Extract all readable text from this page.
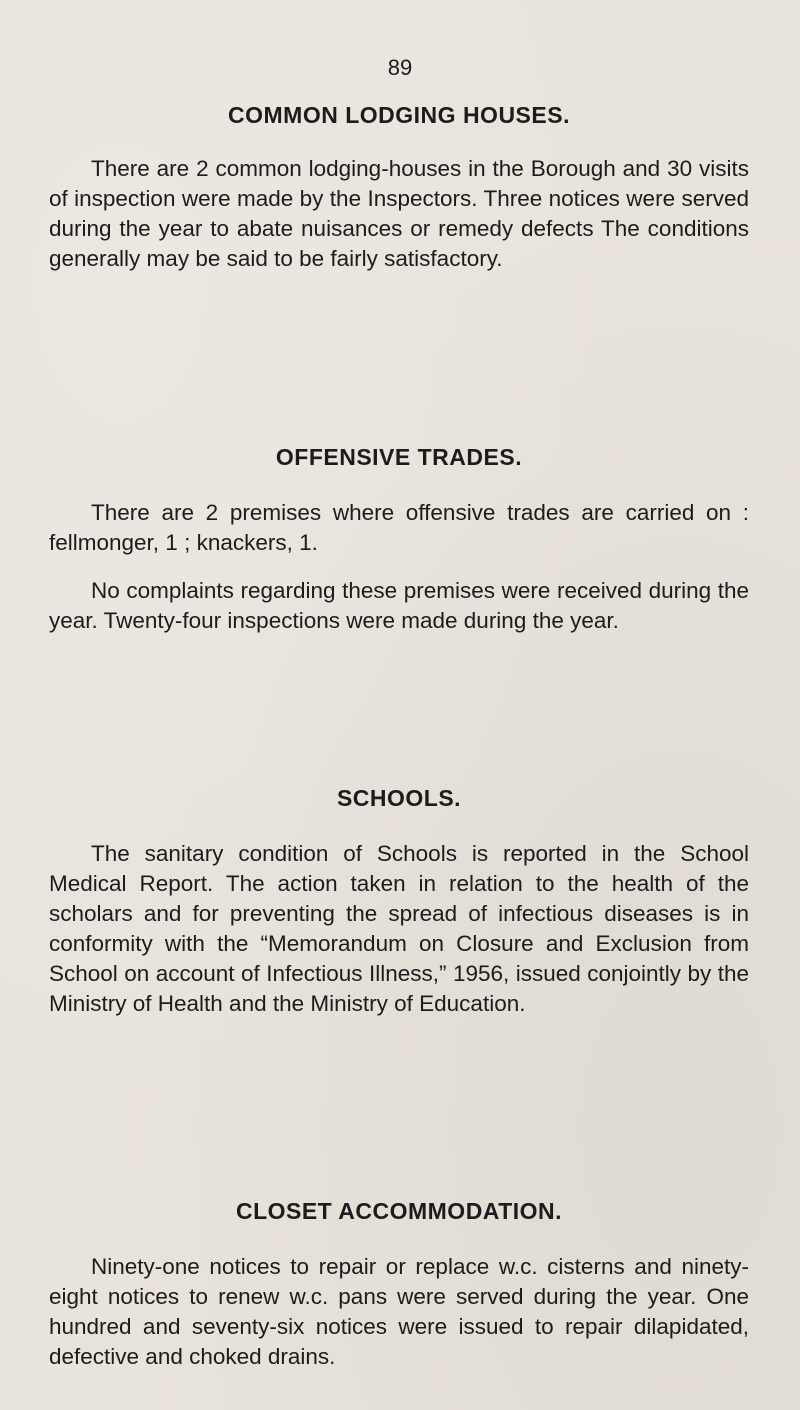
89
COMMON LODGING HOUSES.

There are 2 common lodging-houses in the Borough and 30 visits of inspection were made by the Inspectors. Three notices were served during the year to abate nuisances or remedy defects The conditions generally may be said to be fairly satisfactory.

OFFENSIVE TRADES.

There are 2 premises where offensive trades are carried on : fellmonger, 1 ; knackers, 1.

No complaints regarding these premises were received during the year. Twenty-four inspections were made during the year.

SCHOOLS.

The sanitary condition of Schools is reported in the School Medical Report. The action taken in relation to the health of the scholars and for preventing the spread of infectious diseases is in conformity with the “Memorandum on Closure and Exclusion from School on account of Infectious Illness,” 1956, issued conjointly by the Ministry of Health and the Ministry of Education.

CLOSET ACCOMMODATION.

Ninety-one notices to repair or replace w.c. cisterns and ninety-eight notices to renew w.c. pans were served during the year. One hundred and seventy-six notices were issued to repair dilapidated, defective and choked drains.
